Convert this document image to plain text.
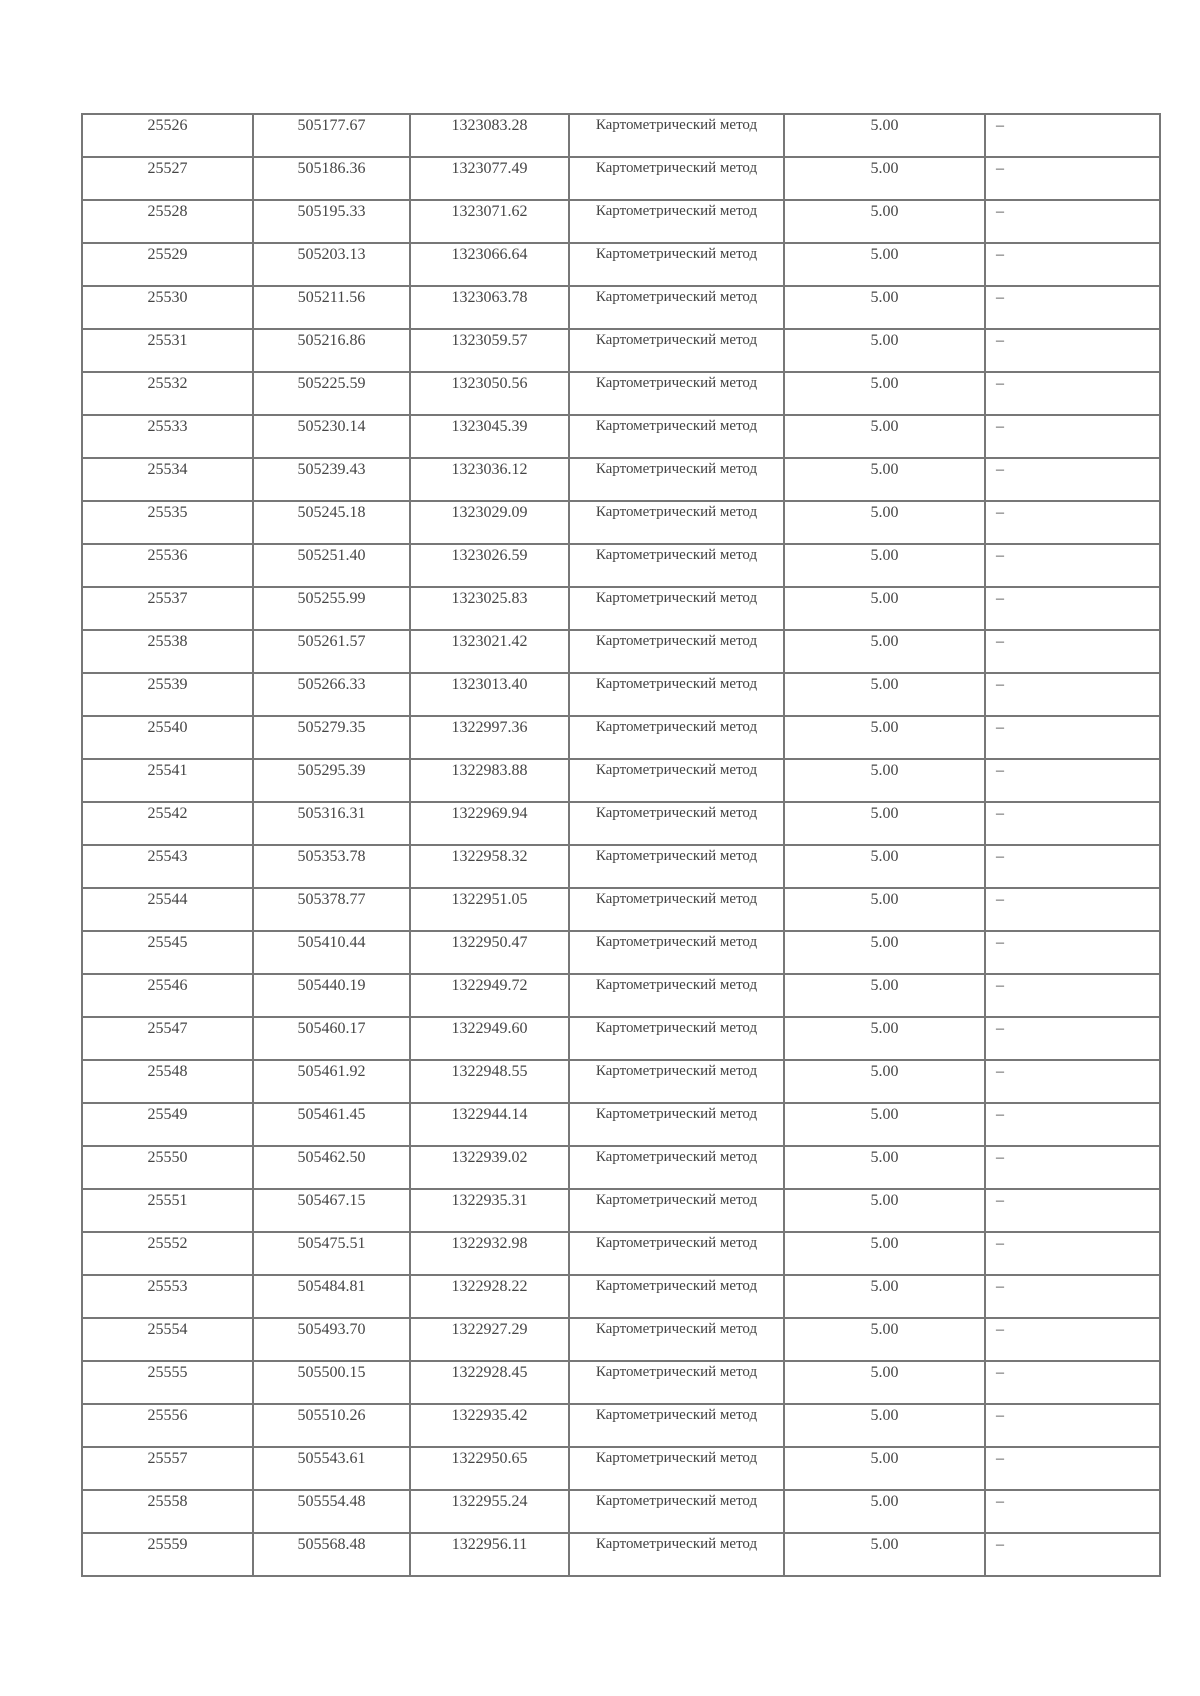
25526	505177.67	1323083.28	Картометрический метод	5.00	–
25527	505186.36	1323077.49	Картометрический метод	5.00	–
25528	505195.33	1323071.62	Картометрический метод	5.00	–
25529	505203.13	1323066.64	Картометрический метод	5.00	–
25530	505211.56	1323063.78	Картометрический метод	5.00	–
25531	505216.86	1323059.57	Картометрический метод	5.00	–
25532	505225.59	1323050.56	Картометрический метод	5.00	–
25533	505230.14	1323045.39	Картометрический метод	5.00	–
25534	505239.43	1323036.12	Картометрический метод	5.00	–
25535	505245.18	1323029.09	Картометрический метод	5.00	–
25536	505251.40	1323026.59	Картометрический метод	5.00	–
25537	505255.99	1323025.83	Картометрический метод	5.00	–
25538	505261.57	1323021.42	Картометрический метод	5.00	–
25539	505266.33	1323013.40	Картометрический метод	5.00	–
25540	505279.35	1322997.36	Картометрический метод	5.00	–
25541	505295.39	1322983.88	Картометрический метод	5.00	–
25542	505316.31	1322969.94	Картометрический метод	5.00	–
25543	505353.78	1322958.32	Картометрический метод	5.00	–
25544	505378.77	1322951.05	Картометрический метод	5.00	–
25545	505410.44	1322950.47	Картометрический метод	5.00	–
25546	505440.19	1322949.72	Картометрический метод	5.00	–
25547	505460.17	1322949.60	Картометрический метод	5.00	–
25548	505461.92	1322948.55	Картометрический метод	5.00	–
25549	505461.45	1322944.14	Картометрический метод	5.00	–
25550	505462.50	1322939.02	Картометрический метод	5.00	–
25551	505467.15	1322935.31	Картометрический метод	5.00	–
25552	505475.51	1322932.98	Картометрический метод	5.00	–
25553	505484.81	1322928.22	Картометрический метод	5.00	–
25554	505493.70	1322927.29	Картометрический метод	5.00	–
25555	505500.15	1322928.45	Картометрический метод	5.00	–
25556	505510.26	1322935.42	Картометрический метод	5.00	–
25557	505543.61	1322950.65	Картометрический метод	5.00	–
25558	505554.48	1322955.24	Картометрический метод	5.00	–
25559	505568.48	1322956.11	Картометрический метод	5.00	–
